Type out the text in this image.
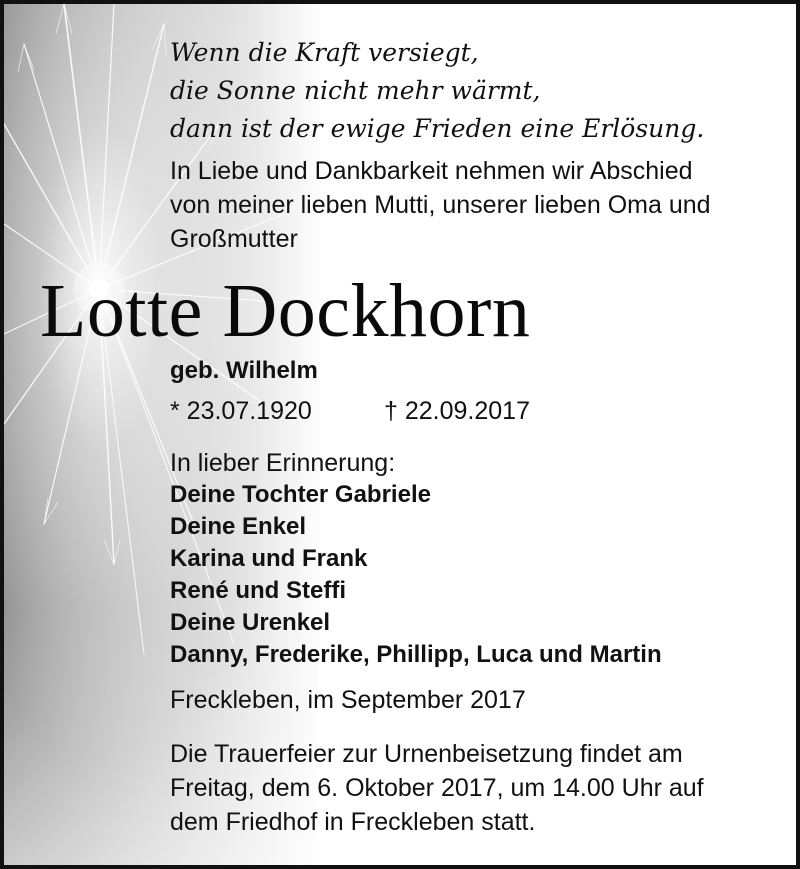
Wenn die Kraft versiegt,
die Sonne nicht mehr wärmt,
dann ist der ewige Frieden eine Erlösung.
In Liebe und Dankbarkeit nehmen wir Abschied
von meiner lieben Mutti, unserer lieben Oma und
Großmutter
Lotte Dockhorn
geb. Wilhelm
* 23.07.1920	† 22.09.2017
In lieber Erinnerung:
Deine Tochter Gabriele
Deine Enkel
Karina und Frank
René und Steffi
Deine Urenkel
Danny, Frederike, Phillipp, Luca und Martin
Freckleben, im September 2017
Die Trauerfeier zur Urnenbeisetzung findet am
Freitag, dem 6. Oktober 2017, um 14.00 Uhr auf
dem Friedhof in Freckleben statt.
